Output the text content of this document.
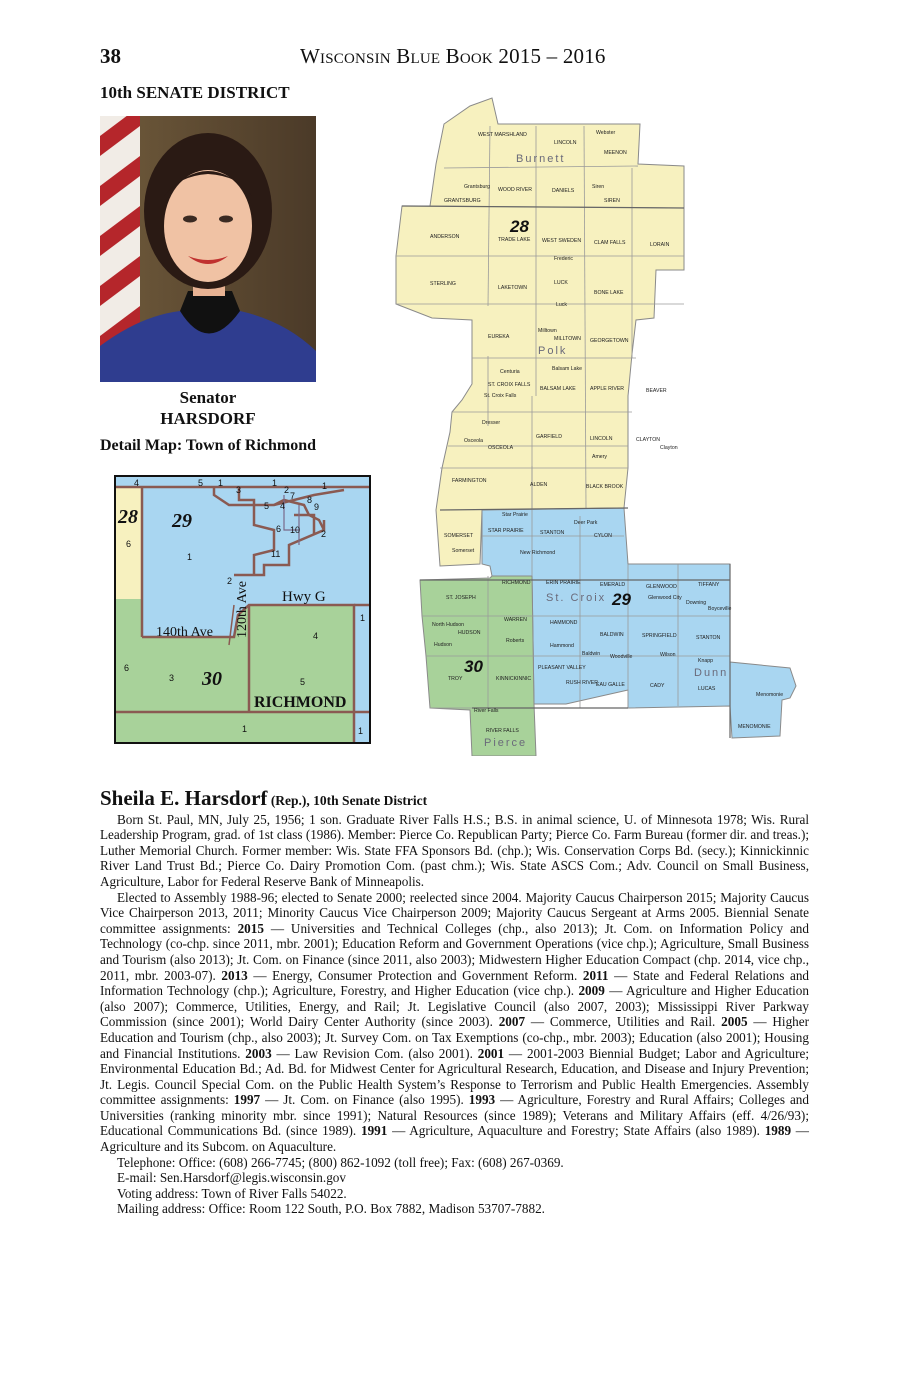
38	Wisconsin Blue Book 2015 – 2016
10th SENATE DISTRICT
Senator
HARSDORF
Detail Map: Town of Richmond
Hwy G
140th Ave 120th Ave
RICHMOND
28 29
30
4	5 1
3
1
2	1
7 8
9
5 4
6 10 2
11
6
1
2
1
4
6
3	5
1	1
Burnett
Polk
St. Croix
Dunn
Pierce
28
29
30
WEST MARSHLAND
LINCOLN
Webster
MEENON
Grantsburg WOOD RIVER	DANIELS
Siren
GRANTSBURG	SIREN
ANDERSON	TRADE LAKE WEST SWEDEN CLAM FALLS	LORAIN
Frederic
STERLING
LAKETOWN
LUCK
BONE LAKE
Luck
EUREKA
Milltown
MILLTOWN GEORGETOWN
Centuria	Balsam Lake
ST. CROIX FALLS
BALSAM LAKE	APPLE RIVER	BEAVER
St. Croix Falls
Dresser
GARFIELD	LINCOLN	CLAYTON
Osceola
OSCEOLA	Clayton
Amery
FARMINGTON
ALDEN	BLACK BROOK
Star Prairie
Deer Park
SOMERSET
STAR PRAIRIE	STANTON	CYLON
Somerset	New Richmond
RICHMOND	ERIN PRAIRIE	EMERALD	GLENWOOD	TIFFANY
ST. JOSEPH	Glenwood City
Downing
Boyceville
North Hudson
WARREN	HAMMOND
HUDSON	BALDWIN	SPRINGFIELD	STANTON
Hudson
Roberts
Hammond
Baldwin Woodville	Wilson
Knapp
TROY	KINNICKINNIC
PLEASANT VALLEY
RUSH RIVER
EAU GALLE	CADY	LUCAS
Menomonie
River Falls
RIVER FALLS
MENOMONIE
Sheila E. Harsdorf (Rep.), 10th Senate District

Born St. Paul, MN, July 25, 1956; 1 son. Graduate River Falls H.S.; B.S. in animal science, U. of Minnesota 1978; Wis. Rural Leadership Program, grad. of 1st class (1986). Member: Pierce Co. Republican Party; Pierce Co. Farm Bureau (former dir. and treas.); Luther Memorial Church. Former member: Wis. State FFA Sponsors Bd. (chp.); Wis. Conservation Corps Bd. (secy.); Kinnickinnic River Land Trust Bd.; Pierce Co. Dairy Promotion Com. (past chm.); Wis. State ASCS Com.; Adv. Council on Small Business, Agriculture, Labor for Federal Reserve Bank of Minneapolis.

Elected to Assembly 1988-96; elected to Senate 2000; reelected since 2004. Majority Caucus Chairperson 2015; Majority Caucus Vice Chairperson 2013, 2011; Minority Caucus Vice Chairperson 2009; Majority Caucus Sergeant at Arms 2005. Biennial Senate committee assignments: 2015 — Universities and Technical Colleges (chp., also 2013); Jt. Com. on Information Policy and Technology (co-chp. since 2011, mbr. 2001); Education Reform and Government Operations (vice chp.); Agriculture, Small Business and Tourism (also 2013); Jt. Com. on Finance (since 2011, also 2003); Midwestern Higher Education Compact (chp. 2014, vice chp., 2011, mbr. 2003-07). 2013 — Energy, Consumer Protection and Government Reform. 2011 — State and Federal Relations and Information Technology (chp.); Agriculture, Forestry, and Higher Education (vice chp.). 2009 — Agriculture and Higher Education (also 2007); Commerce, Utilities, Energy, and Rail; Jt. Legislative Council (also 2007, 2003); Mississippi River Parkway Commission (since 2001); World Dairy Center Authority (since 2003). 2007 — Commerce, Utilities and Rail. 2005 — Higher Education and Tourism (chp., also 2003); Jt. Survey Com. on Tax Exemptions (co-chp., mbr. 2003); Education (also 2001); Housing and Financial Institutions. 2003 — Law Revision Com. (also 2001). 2001 — 2001-2003 Biennial Budget; Labor and Agriculture; Environmental Education Bd.; Ad. Bd. for Midwest Center for Agricultural Research, Education, and Disease and Injury Prevention; Jt. Legis. Council Special Com. on the Public Health System’s Response to Terrorism and Public Health Emergencies. Assembly committee assignments: 1997 — Jt. Com. on Finance (also 1995). 1993 — Agriculture, Forestry and Rural Affairs; Colleges and Universities (ranking minority mbr. since 1991); Natural Resources (since 1989); Veterans and Military Affairs (eff. 4/26/93); Educational Communications Bd. (since 1989). 1991 — Agriculture, Aquaculture and Forestry; State Affairs (also 1989). 1989 — Agriculture and its Subcom. on Aquaculture.

Telephone: Office: (608) 266-7745; (800) 862-1092 (toll free); Fax: (608) 267-0369.

E-mail: Sen.Harsdorf@legis.wisconsin.gov

Voting address: Town of River Falls 54022.

Mailing address: Office: Room 122 South, P.O. Box 7882, Madison 53707-7882.
